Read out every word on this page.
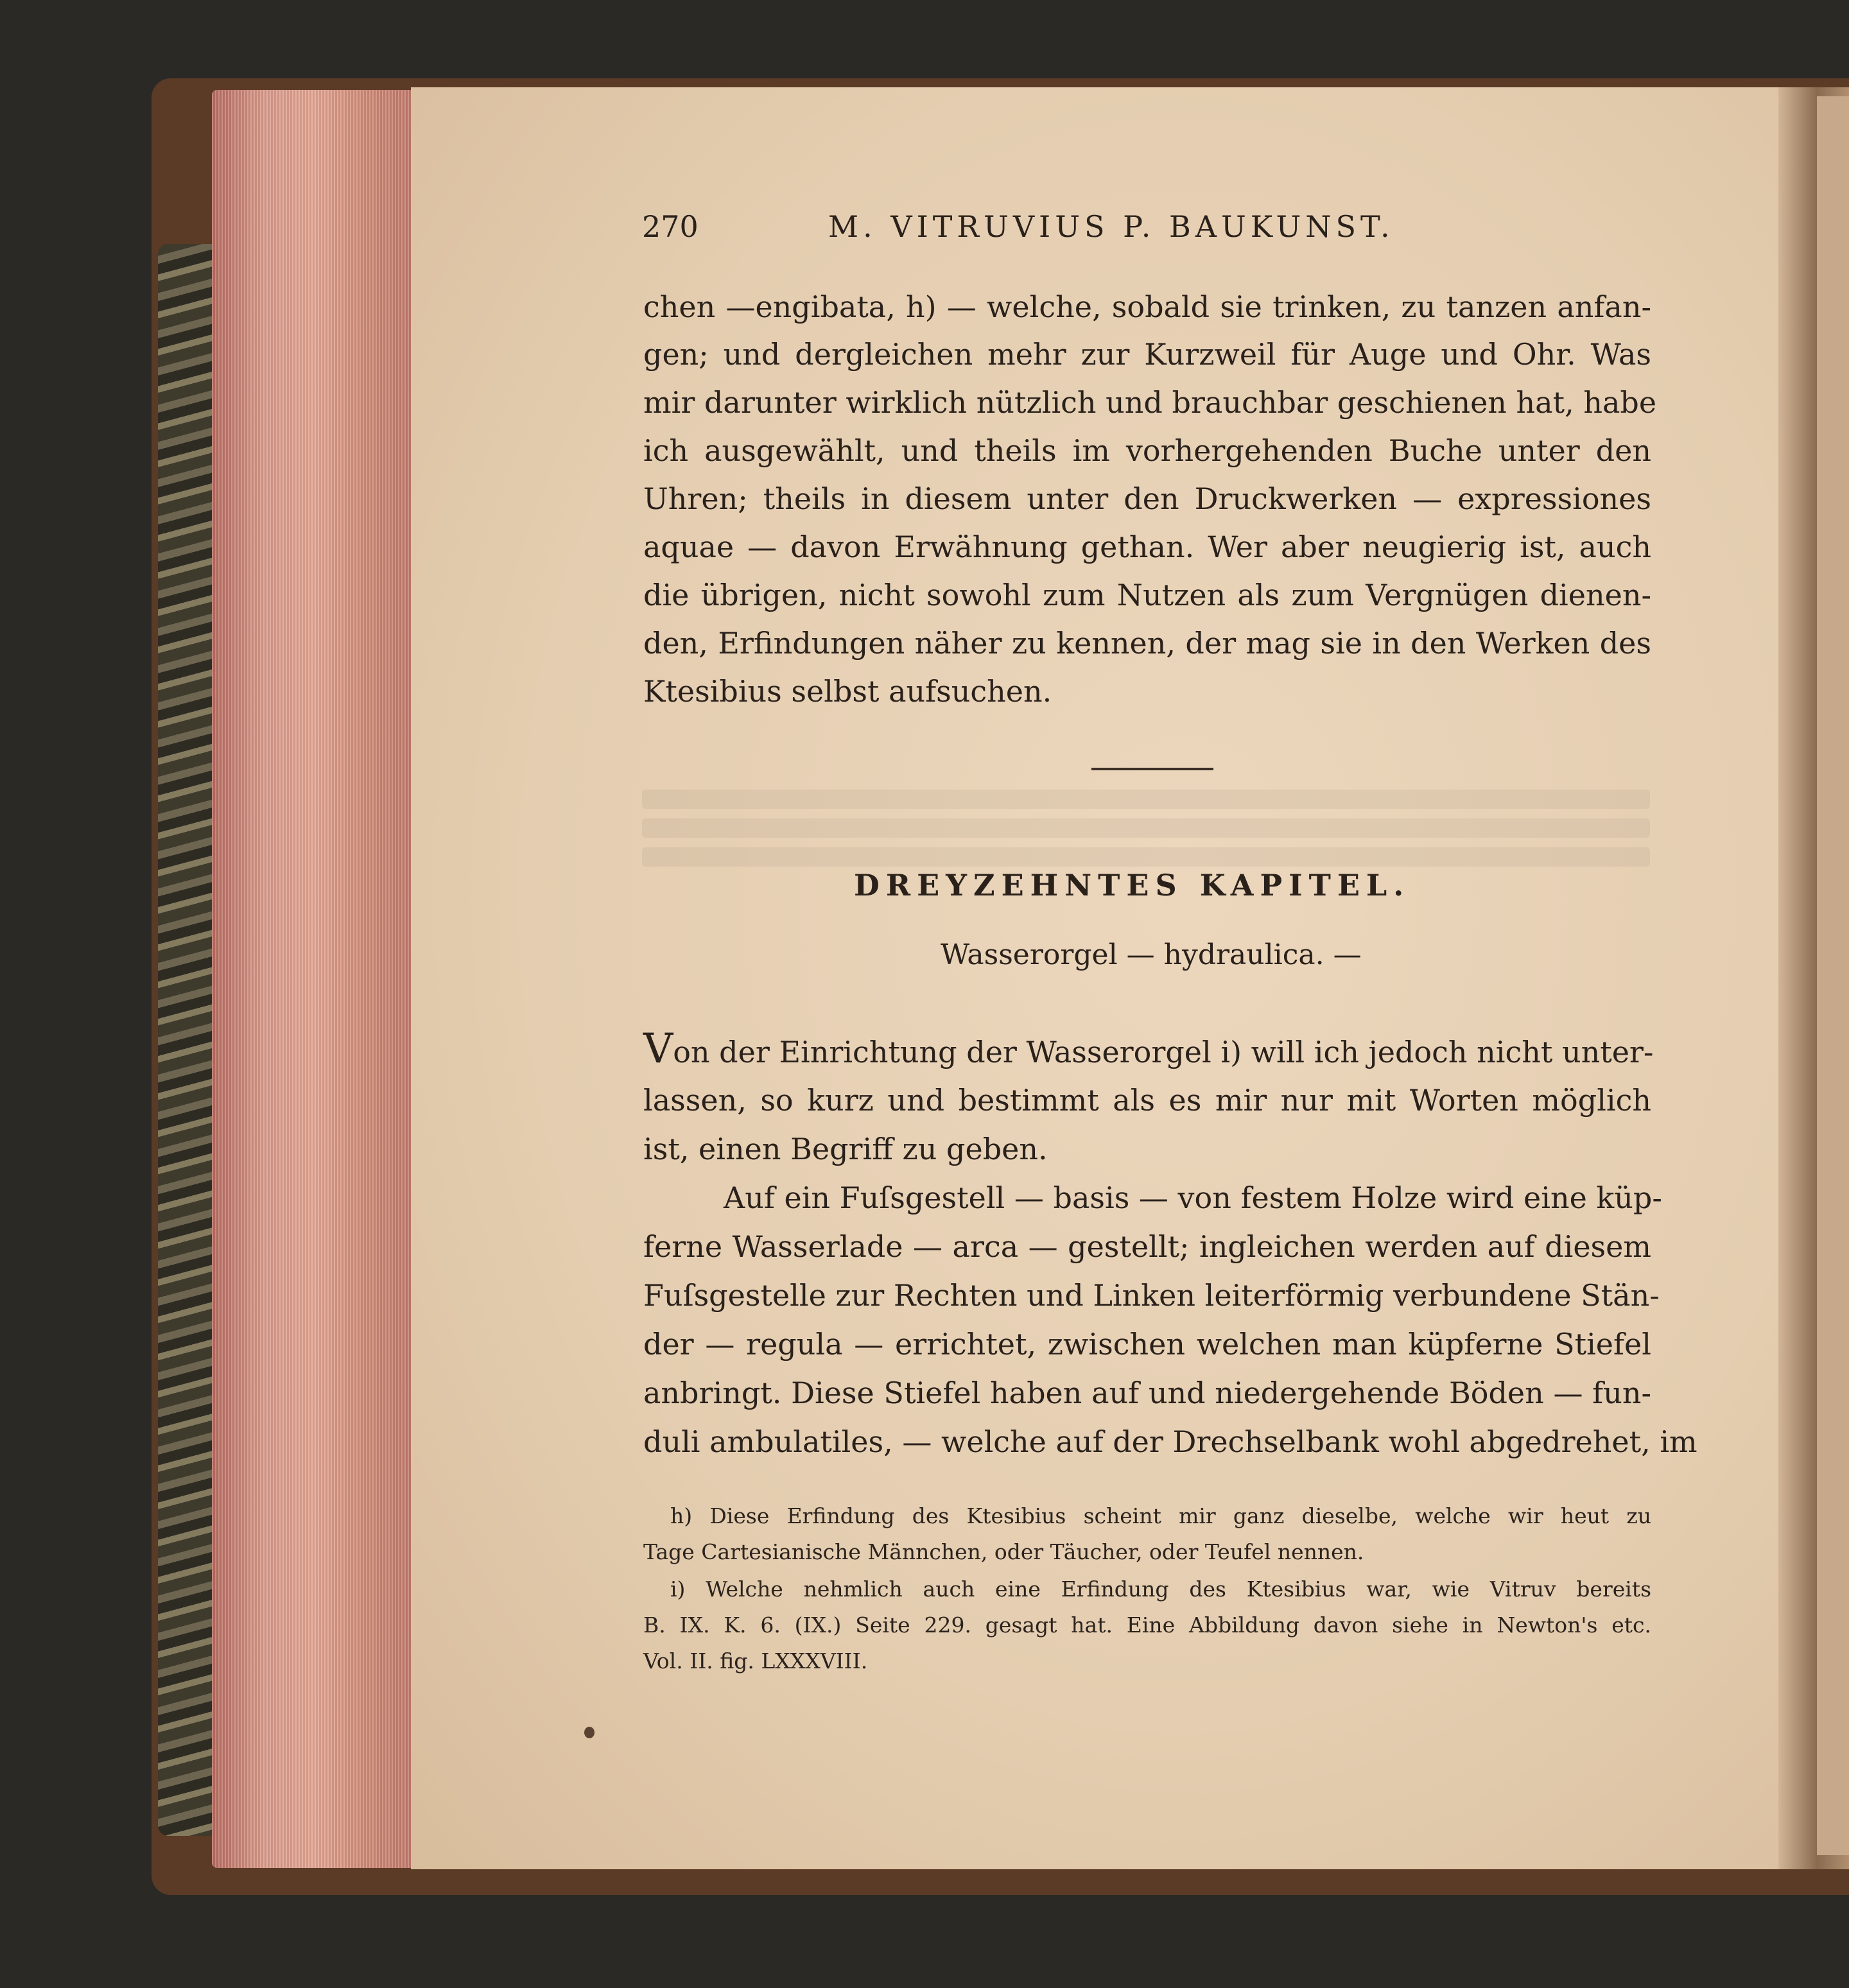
270	M. VITRUVIUS P. BAUKUNST.
chen —engibata, h) — welche, sobald sie trinken, zu tanzen anfan-
gen; und dergleichen mehr zur Kurzweil für Auge und Ohr. Was
mir darunter wirklich nützlich und brauchbar geschienen hat, habe
ich ausgewählt, und theils im vorhergehenden Buche unter den
Uhren; theils in diesem unter den Druckwerken — expressiones
aquae — davon Erwähnung gethan. Wer aber neugierig ist, auch
die übrigen, nicht sowohl zum Nutzen als zum Vergnügen dienen-
den, Erfindungen näher zu kennen, der mag sie in den Werken des
Ktesibius selbst aufsuchen.
DREYZEHNTES KAPITEL.
Wasserorgel — hydraulica. —
Von der Einrichtung der Wasserorgel i) will ich jedoch nicht unter-
lassen, so kurz und bestimmt als es mir nur mit Worten möglich
ist, einen Begriff zu geben.
Auf ein Fuſsgestell — basis — von festem Holze wird eine küp-
ferne Wasserlade — arca — gestellt; ingleichen werden auf diesem
Fuſsgestelle zur Rechten und Linken leiterförmig verbundene Stän-
der — regula — errichtet, zwischen welchen man küpferne Stiefel
anbringt. Diese Stiefel haben auf und niedergehende Böden — fun-
duli ambulatiles, — welche auf der Drechselbank wohl abgedrehet, im
h) Diese Erfindung des Ktesibius scheint mir ganz dieselbe, welche wir heut zu
Tage Cartesianische Männchen, oder Täucher, oder Teufel nennen.
i) Welche nehmlich auch eine Erfindung des Ktesibius war, wie Vitruv bereits
B. IX. K. 6. (IX.) Seite 229. gesagt hat. Eine Abbildung davon siehe in Newton's etc.
Vol. II. fig. LXXXVIII.
